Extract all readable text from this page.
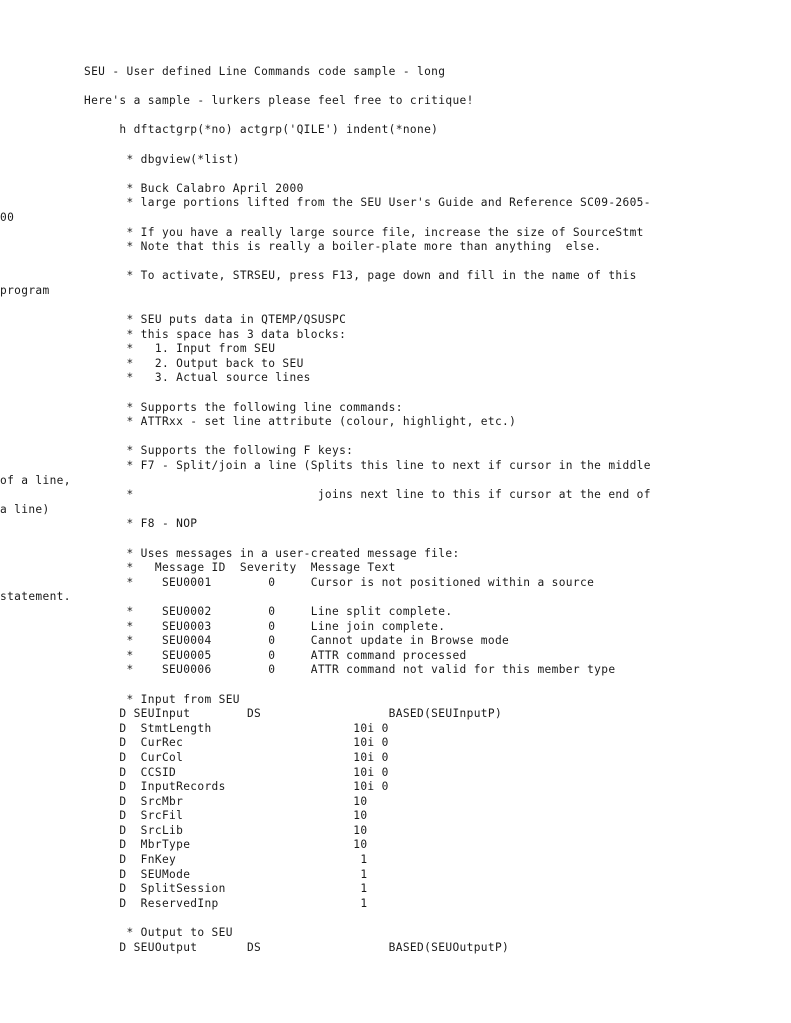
SEU - User defined Line Commands code sample - long
Here's a sample - lurkers please feel free to critique!
h dftactgrp(*no) actgrp('QILE') indent(*none)
* dbgview(*list)
* Buck Calabro April 2000
* large portions lifted from the SEU User's Guide and Reference SC09-2605-
00
* If you have a really large source file, increase the size of SourceStmt
* Note that this is really a boiler-plate more than anything  else.
* To activate, STRSEU, press F13, page down and fill in the name of this
program
* SEU puts data in QTEMP/QSUSPC
* this space has 3 data blocks:
*   1. Input from SEU
*   2. Output back to SEU
*   3. Actual source lines
* Supports the following line commands:
* ATTRxx - set line attribute (colour, highlight, etc.)
* Supports the following F keys:
* F7 - Split/join a line (Splits this line to next if cursor in the middle
of a line,
*                          joins next line to this if cursor at the end of
a line)
* F8 - NOP
* Uses messages in a user-created message file:
*   Message ID  Severity  Message Text
*    SEU0001        0     Cursor is not positioned within a source
statement.
*    SEU0002        0     Line split complete.
*    SEU0003        0     Line join complete.
*    SEU0004        0     Cannot update in Browse mode
*    SEU0005        0     ATTR command processed
*    SEU0006        0     ATTR command not valid for this member type
* Input from SEU
D SEUInput        DS                  BASED(SEUInputP)
D  StmtLength                    10i 0
D  CurRec                        10i 0
D  CurCol                        10i 0
D  CCSID                         10i 0
D  InputRecords                  10i 0
D  SrcMbr                        10
D  SrcFil                        10
D  SrcLib                        10
D  MbrType                       10
D  FnKey                          1
D  SEUMode                        1
D  SplitSession                   1
D  ReservedInp                    1
* Output to SEU
D SEUOutput       DS                  BASED(SEUOutputP)
